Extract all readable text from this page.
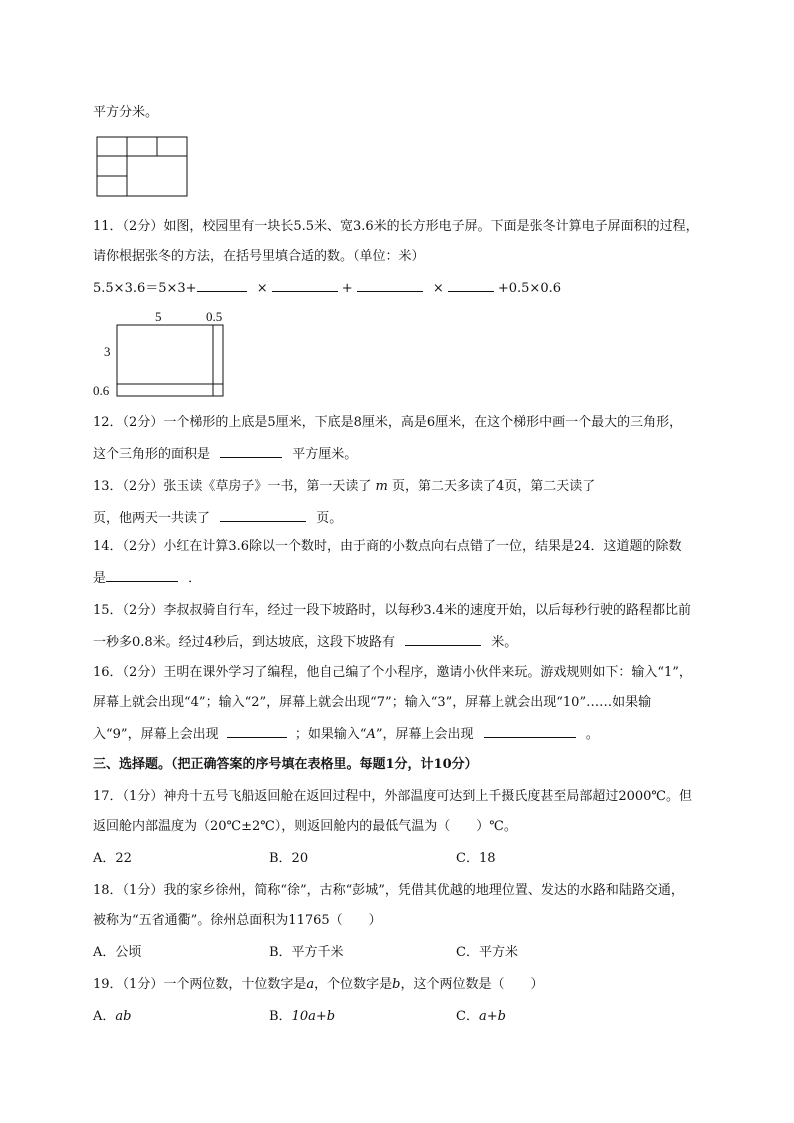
平方分米。
11．（2分）如图，校园里有一块长5.5米、宽3.6米的长方形电子屏。下面是张冬计算电子屏面积的过程，
请你根据张冬的方法，在括号里填合适的数。（单位：米）
5.5×3.6＝5×3+	×	+	×	+0.5×0.6
5	0.5
3
0.6
12．（2分）一个梯形的上底是5厘米，下底是8厘米，高是6厘米，在这个梯形中画一个最大的三角形，
这个三角形的面积是	平方厘米。
13．（2分）张玉读《草房子》一书，第一天读了 m 页，第二天多读了4页，第二天读了
页，他两天一共读了	页。
14．（2分）小红在计算3.6除以一个数时，由于商的小数点向右点错了一位，结果是24．这道题的除数
是	．
15．（2分）李叔叔骑自行车，经过一段下坡路时，以每秒3.4米的速度开始，以后每秒行驶的路程都比前
一秒多0.8米。经过4秒后，到达坡底，这段下坡路有	米。
16．（2分）王明在课外学习了编程，他自己编了个小程序，邀请小伙伴来玩。游戏规则如下：输入“1”，
屏幕上就会出现“4”；输入“2”，屏幕上就会出现“7”；输入“3”，屏幕上就会出现“10”……如果输
入“9”，屏幕上会出现	；如果输入“A”，屏幕上会出现	。
三、选择题。（把正确答案的序号填在表格里。每题1分，计10分）
17．（1分）神舟十五号飞船返回舱在返回过程中，外部温度可达到上千摄氏度甚至局部超过2000℃。但
返回舱内部温度为（20℃±2℃），则返回舱内的最低气温为（　　）℃。
A．22	B．20	C．18
18．（1分）我的家乡徐州，简称“徐”，古称“彭城”，凭借其优越的地理位置、发达的水路和陆路交通，
被称为“五省通衢”。徐州总面积为11765（　　）
A．公顷	B．平方千米	C．平方米
19．（1分）一个两位数，十位数字是a，个位数字是b，这个两位数是（　　）
A．ab	B．10a+b	C．a+b
